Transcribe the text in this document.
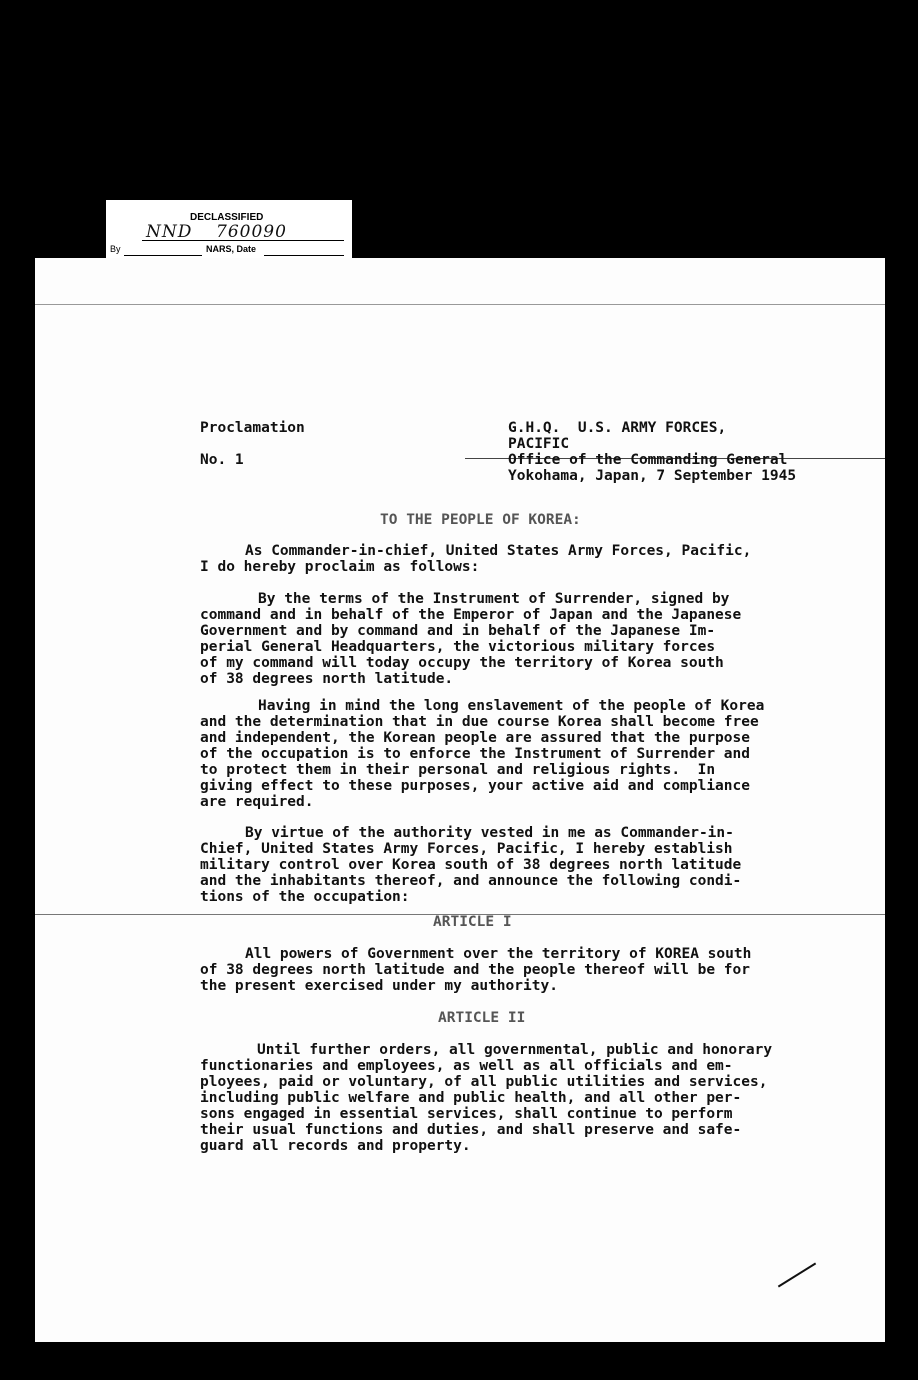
DECLASSIFIED
NND 760090
By	NARS, Date
Proclamation
No. 1
G.H.Q.  U.S. ARMY FORCES,
PACIFIC
Office of the Commanding General
Yokohama, Japan, 7 September 1945
TO THE PEOPLE OF KOREA:
As Commander-in-chief, United States Army Forces, Pacific,
I do hereby proclaim as follows:
By the terms of the Instrument of Surrender, signed by
command and in behalf of the Emperor of Japan and the Japanese
Government and by command and in behalf of the Japanese Im-
perial General Headquarters, the victorious military forces
of my command will today occupy the territory of Korea south
of 38 degrees north latitude.
Having in mind the long enslavement of the people of Korea
and the determination that in due course Korea shall become free
and independent, the Korean people are assured that the purpose
of the occupation is to enforce the Instrument of Surrender and
to protect them in their personal and religious rights.  In
giving effect to these purposes, your active aid and compliance
are required.
By virtue of the authority vested in me as Commander-in-
Chief, United States Army Forces, Pacific, I hereby establish
military control over Korea south of 38 degrees north latitude
and the inhabitants thereof, and announce the following condi-
tions of the occupation:
ARTICLE I
All powers of Government over the territory of KOREA south
of 38 degrees north latitude and the people thereof will be for
the present exercised under my authority.
ARTICLE II
Until further orders, all governmental, public and honorary
functionaries and employees, as well as all officials and em-
ployees, paid or voluntary, of all public utilities and services,
including public welfare and public health, and all other per-
sons engaged in essential services, shall continue to perform
their usual functions and duties, and shall preserve and safe-
guard all records and property.
